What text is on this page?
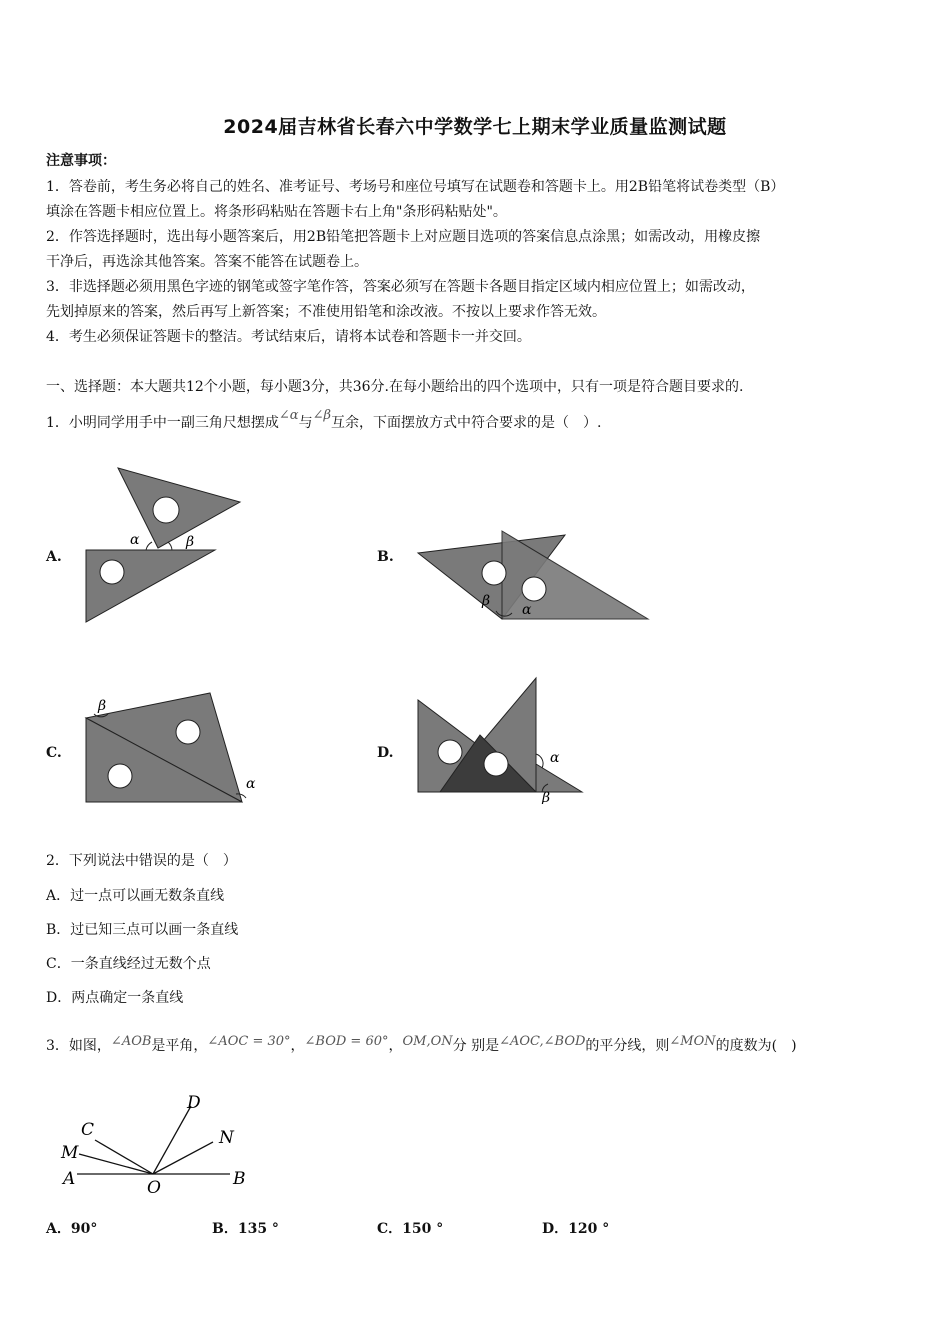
2024届吉林省长春六中学数学七上期末学业质量监测试题
注意事项：
1．答卷前，考生务必将自己的姓名、准考证号、考场号和座位号填写在试题卷和答题卡上。用2B铅笔将试卷类型（B）
填涂在答题卡相应位置上。将条形码粘贴在答题卡右上角"条形码粘贴处"。
2．作答选择题时，选出每小题答案后，用2B铅笔把答题卡上对应题目选项的答案信息点涂黑；如需改动，用橡皮擦
干净后，再选涂其他答案。答案不能答在试题卷上。
3．非选择题必须用黑色字迹的钢笔或签字笔作答，答案必须写在答题卡各题目指定区域内相应位置上；如需改动，
先划掉原来的答案，然后再写上新答案；不准使用铅笔和涂改液。不按以上要求作答无效。
4．考生必须保证答题卡的整洁。考试结束后，请将本试卷和答题卡一并交回。
一、选择题：本大题共12个小题，每小题3分，共36分.在每小题给出的四个选项中，只有一项是符合题目要求的.
1．小明同学用手中一副三角尺想摆成∠α与∠β互余，下面摆放方式中符合要求的是（　）.
A.	B.
C.	D.
α	β
β
α
β
α
α
β
2．下列说法中错误的是（　）
A．过一点可以画无数条直线
B．过已知三点可以画一条直线
C．一条直线经过无数个点
D．两点确定一条直线
3．如图，∠AOB是平角，∠AOC = 30°，∠BOD = 60°，OM,ON分 别是∠AOC,∠BOD的平分线，则∠MON的度数为(　)
A	B
C
D
M
N
O
A．90°	B．135 °	C．150 °	D．120 °
